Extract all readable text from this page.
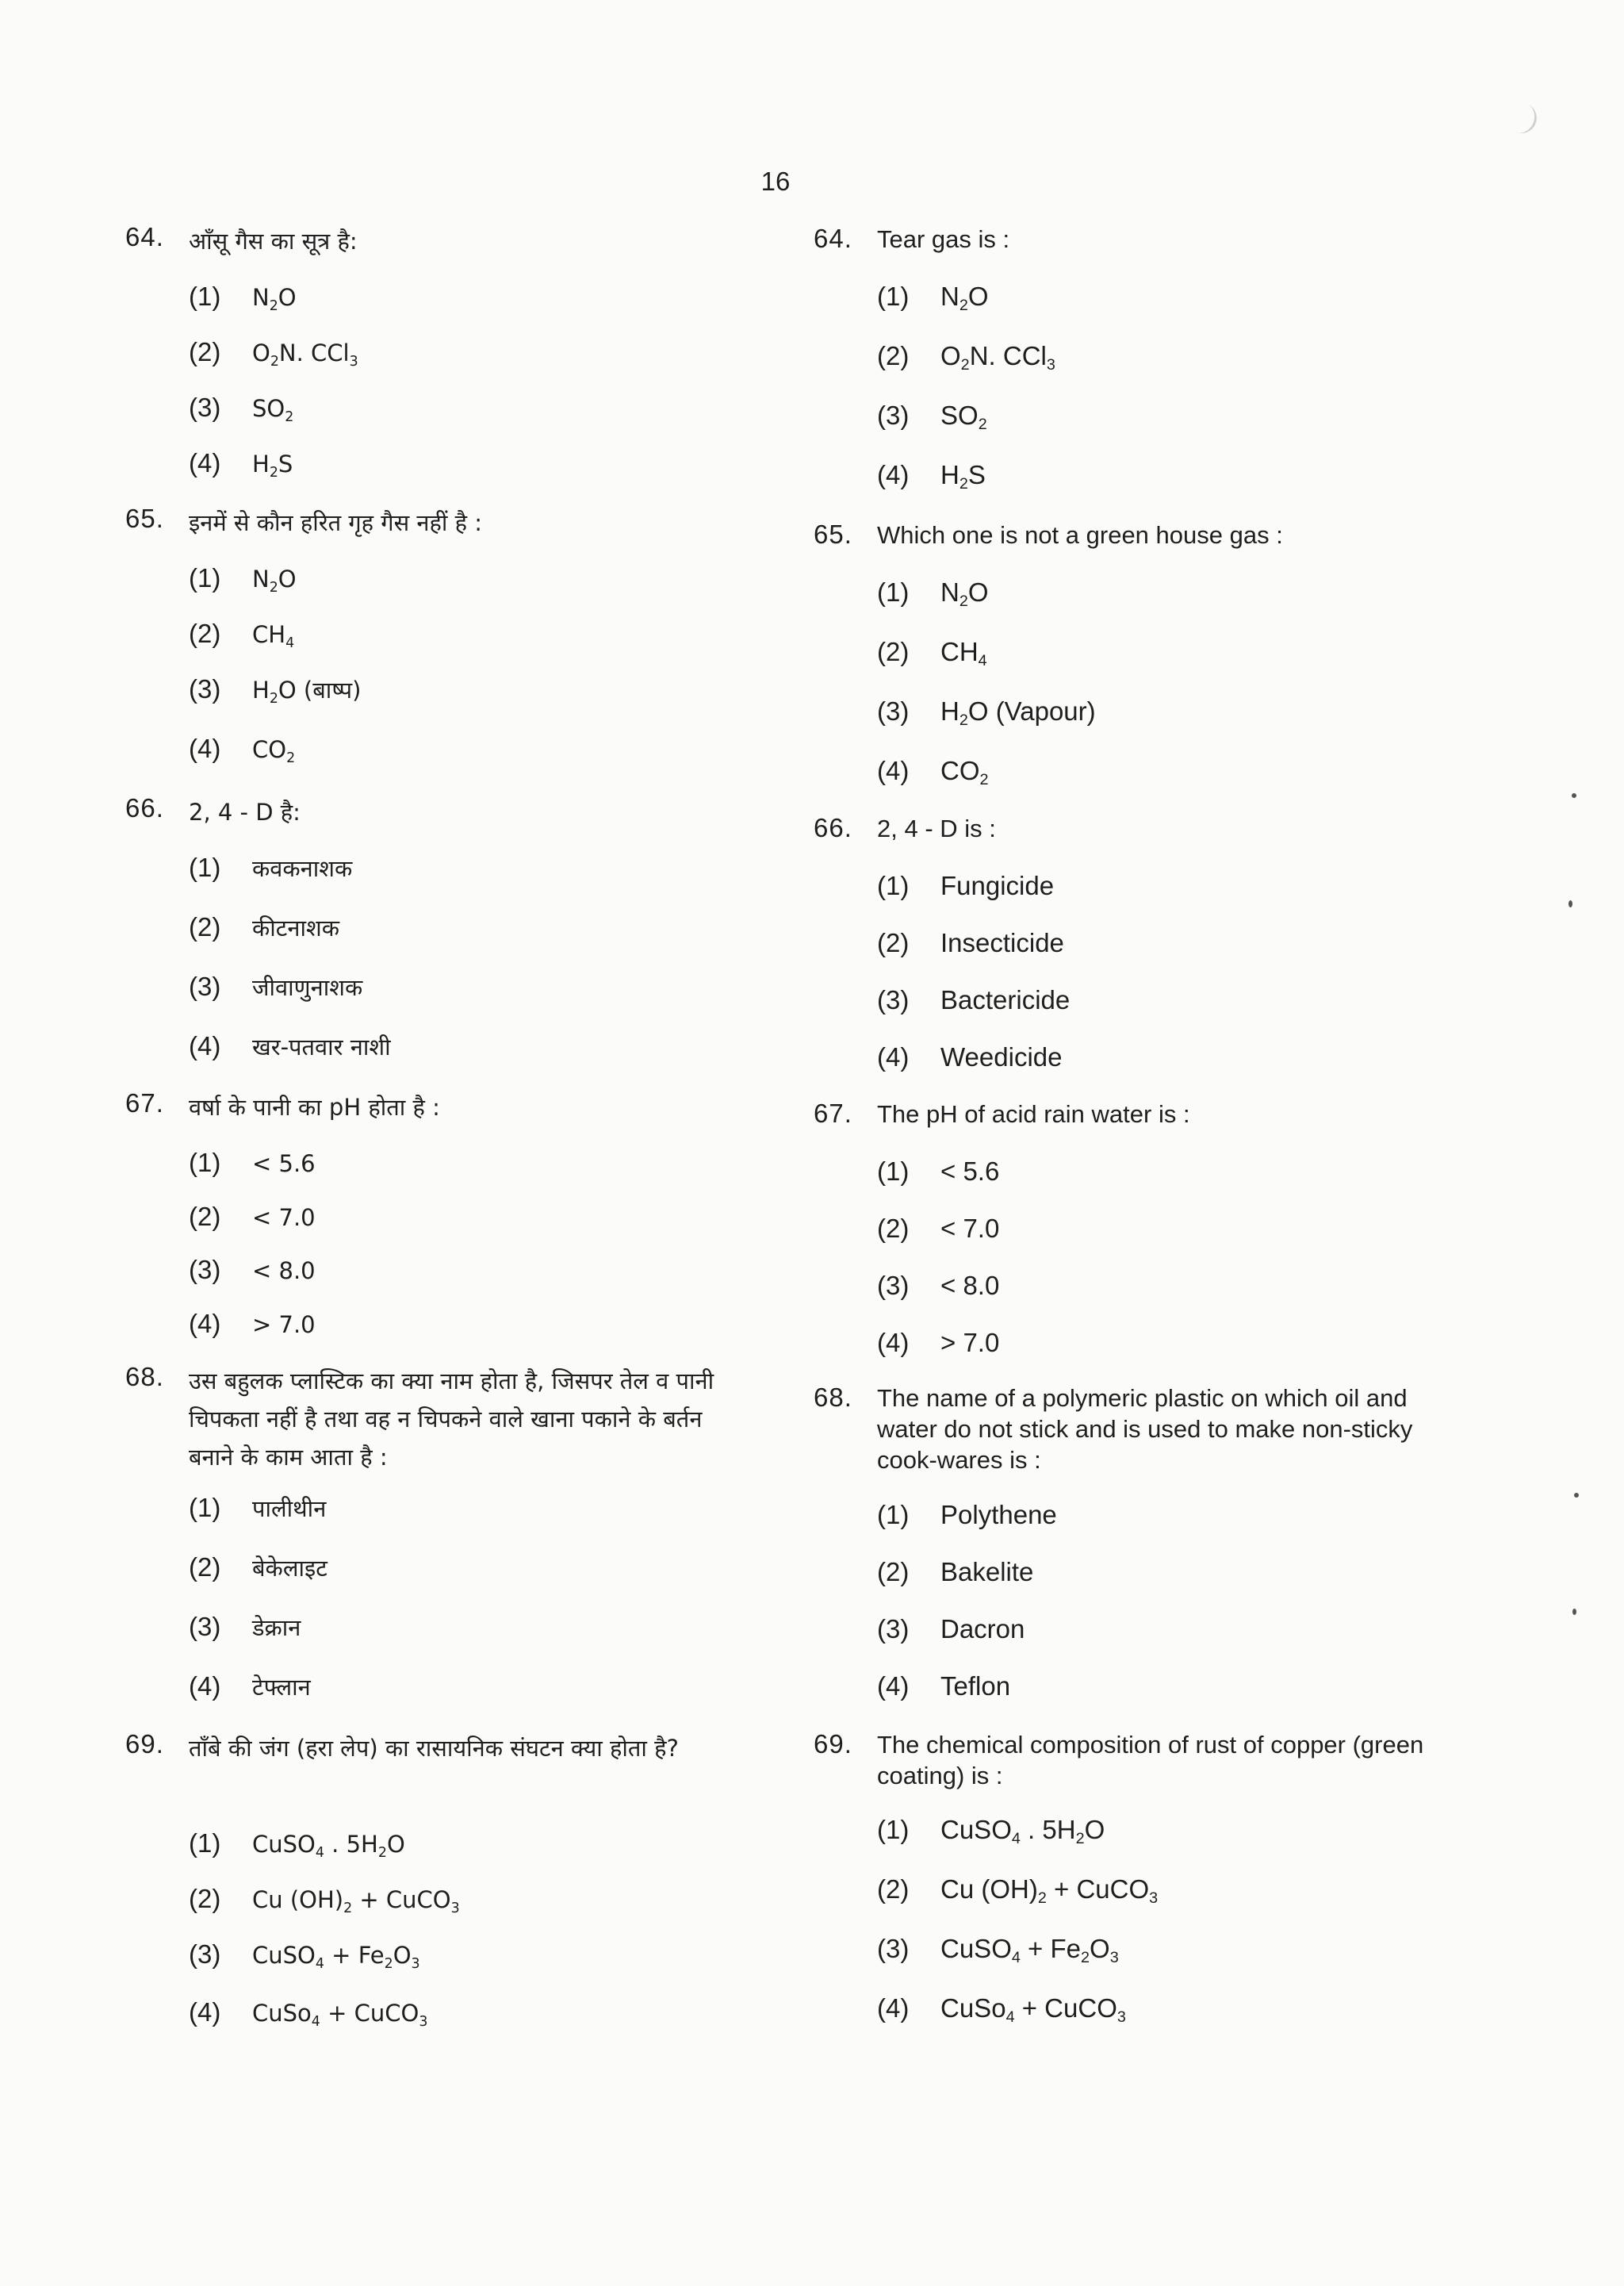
16
64.	आँसू गैस का सूत्र है:
(1)	$N_2O$
(2)	$O_2N$. CCl$_3$
(3)	$SO_2$
(4)	$H_2S$
65.	इनमें से कौन हरित गृह गैस नहीं है :
(1)	$N_2O$
(2)	$CH_4$
(3)	$H_2O$ (बाष्प)
(4)	$CO_2$
66.	2, 4 - D है:
(1)	कवकनाशक
(2)	कीटनाशक
(3)	जीवाणुनाशक
(4)	खर-पतवार नाशी
67.	वर्षा के पानी का pH होता है :
(1)	< 5.6
(2)	< 7.0
(3)	< 8.0
(4)	> 7.0
68.	उस बहुलक प्लास्टिक का क्या नाम होता है, जिसपर तेल व पानी चिपकता नहीं है तथा वह न चिपकने वाले खाना पकाने के बर्तन बनाने के काम आता है :
(1)	पालीथीन
(2)	बेकेलाइट
(3)	डेक्रान
(4)	टेफ्लान
69.	ताँबे की जंग (हरा लेप) का रासायनिक संघटन क्या होता है?
(1)	CuSO$_4$ . $5H_2O$
(2)	Cu $(OH)_2$ + CuCO$_3$
(3)	CuSO$_4$ + $Fe_2O_3$
(4)	CuSo$_4$ + CuCO$_3$
64.	Tear gas is :
(1)	$N_2O$
(2)	$O_2N$. CCl$_3$
(3)	$SO_2$
(4)	$H_2S$
65.	Which one is not a green house gas :
(1)	$N_2O$
(2)	$CH_4$
(3)	$H_2O$ (Vapour)
(4)	$CO_2$
66.	2, 4 - D is :
(1)	Fungicide
(2)	Insecticide
(3)	Bactericide
(4)	Weedicide
67.	The pH of acid rain water is :
(1)	< 5.6
(2)	< 7.0
(3)	< 8.0
(4)	> 7.0
68.	The name of a polymeric plastic on which oil and water do not stick and is used to make non-sticky cook-wares is :
(1)	Polythene
(2)	Bakelite
(3)	Dacron
(4)	Teflon
69.	The chemical composition of rust of copper (green coating) is :
(1)	CuSO$_4$ . $5H_2O$
(2)	Cu $(OH)_2$ + CuCO$_3$
(3)	CuSO$_4$ + $Fe_2O_3$
(4)	CuSo$_4$ + CuCO$_3$
